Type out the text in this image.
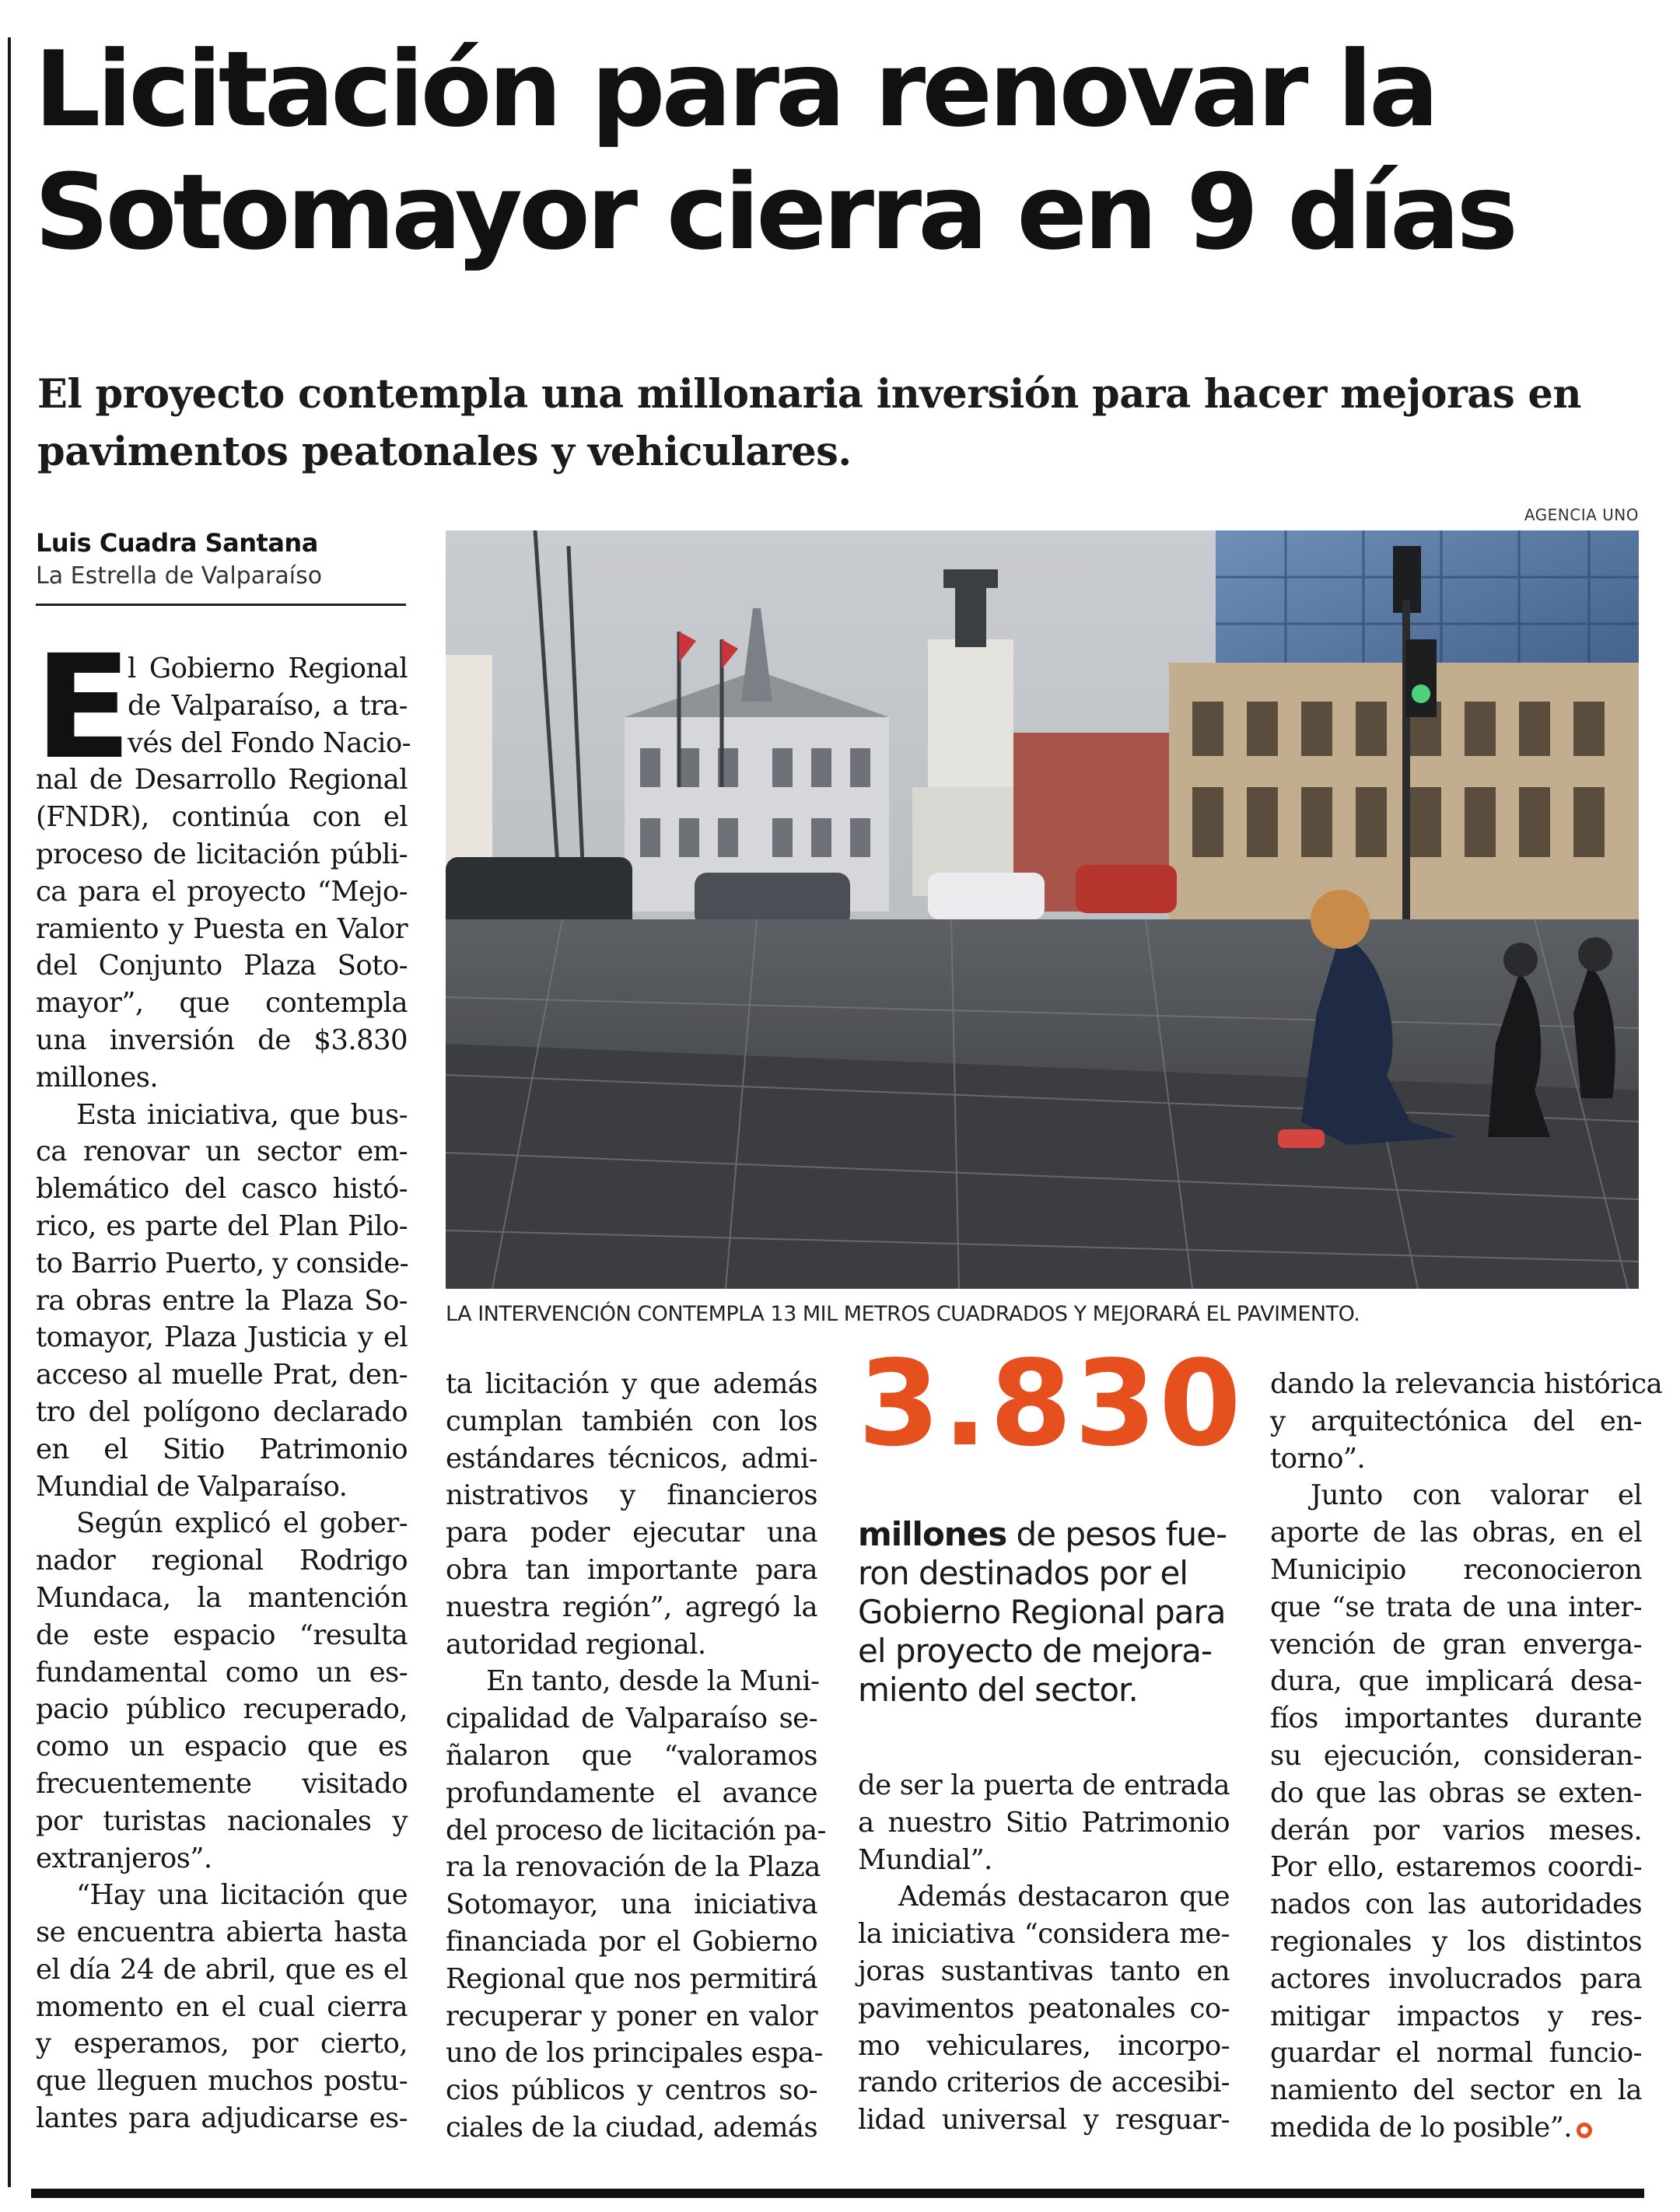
Licitación para renovar la
Sotomayor cierra en 9 días
El proyecto contempla una millonaria inversión para hacer mejoras en
pavimentos peatonales y vehiculares.
Luis Cuadra Santana
La Estrella de Valparaíso
AGENCIA UNO
LA INTERVENCIÓN CONTEMPLA 13 MIL METROS CUADRADOS Y MEJORARÁ EL PAVIMENTO.
E
l Gobierno Regional
de Valparaíso, a tra-
vés del Fondo Nacio-
nal de Desarrollo Regional
(FNDR), continúa con el
proceso de licitación públi-
ca para el proyecto “Mejo-
ramiento y Puesta en Valor
del Conjunto Plaza Soto-
mayor”, que contempla
una inversión de $3.830
millones.
Esta iniciativa, que bus-
ca renovar un sector em-
blemático del casco histó-
rico, es parte del Plan Pilo-
to Barrio Puerto, y conside-
ra obras entre la Plaza So-
tomayor, Plaza Justicia y el
acceso al muelle Prat, den-
tro del polígono declarado
en el Sitio Patrimonio
Mundial de Valparaíso.
Según explicó el gober-
nador regional Rodrigo
Mundaca, la mantención
de este espacio “resulta
fundamental como un es-
pacio público recuperado,
como un espacio que es
frecuentemente visitado
por turistas nacionales y
extranjeros”.
“Hay una licitación que
se encuentra abierta hasta
el día 24 de abril, que es el
momento en el cual cierra
y esperamos, por cierto,
que lleguen muchos postu-
lantes para adjudicarse es-
ta licitación y que además
cumplan también con los
estándares técnicos, admi-
nistrativos y financieros
para poder ejecutar una
obra tan importante para
nuestra región”, agregó la
autoridad regional.
En tanto, desde la Muni-
cipalidad de Valparaíso se-
ñalaron que “valoramos
profundamente el avance
del proceso de licitación pa-
ra la renovación de la Plaza
Sotomayor, una iniciativa
financiada por el Gobierno
Regional que nos permitirá
recuperar y poner en valor
uno de los principales espa-
cios públicos y centros so-
ciales de la ciudad, además
3.830
millones de pesos fue-
ron destinados por el
Gobierno Regional para
el proyecto de mejora-
miento del sector.
de ser la puerta de entrada
a nuestro Sitio Patrimonio
Mundial”.
Además destacaron que
la iniciativa “considera me-
joras sustantivas tanto en
pavimentos peatonales co-
mo vehiculares, incorpo-
rando criterios de accesibi-
lidad universal y resguar-
dando la relevancia histórica
y arquitectónica del en-
torno”.
Junto con valorar el
aporte de las obras, en el
Municipio reconocieron
que “se trata de una inter-
vención de gran envergа-
dura, que implicará desa-
fíos importantes durante
su ejecución, consideran-
do que las obras se exten-
derán por varios meses.
Por ello, estaremos coordi-
nados con las autoridades
regionales y los distintos
actores involucrados para
mitigar impactos y res-
guardar el normal funcio-
namiento del sector en la
medida de lo posible”.
